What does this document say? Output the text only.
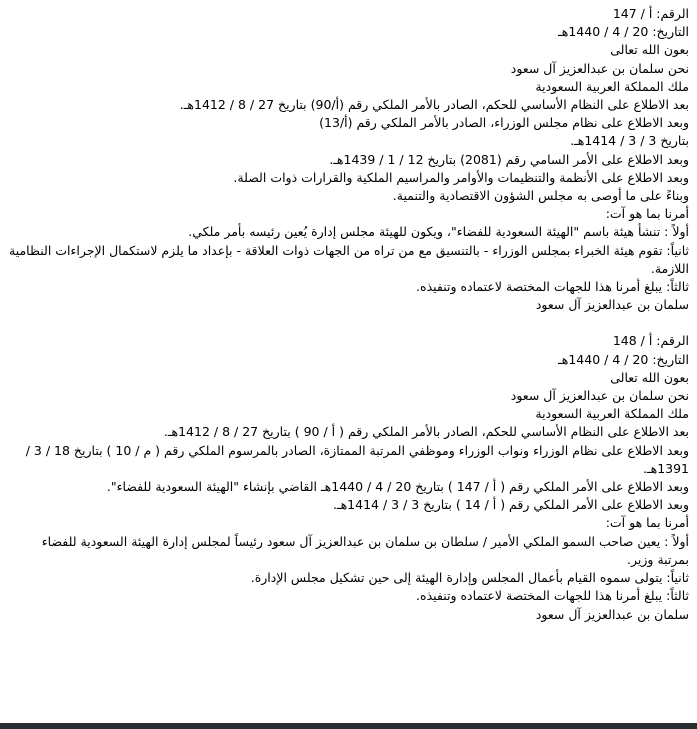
الرقم: أ / 147
التاريخ: 20 / 4 / 1440هـ
بعون الله تعالى
نحن سلمان بن عبدالعزيز آل سعود
ملك المملكة العربية السعودية
بعد الاطلاع على النظام الأساسي للحكم، الصادر بالأمر الملكي رقم (أ/90) بتاريخ 27 / 8 / 1412هـ.
وبعد الاطلاع على نظام مجلس الوزراء، الصادر بالأمر الملكي رقم (أ/13)
بتاريخ 3 / 3 / 1414هـ.
وبعد الاطلاع على الأمر السامي رقم (2081) بتاريخ 12 / 1 / 1439هـ.
وبعد الاطلاع على الأنظمة والتنظيمات والأوامر والمراسيم الملكية والقرارات ذوات الصلة.
وبناءً على ما أوصى به مجلس الشؤون الاقتصادية والتنمية.
أمرنا بما هو آت:
أولاً : تنشأ هيئة باسم "الهيئة السعودية للفضاء"، ويكون للهيئة مجلس إدارة يُعين رئيسه بأمر ملكي.
ثانياً: تقوم هيئة الخبراء بمجلس الوزراء - بالتنسيق مع من تراه من الجهات ذوات العلاقة - بإعداد ما يلزم لاستكمال الإجراءات النظامية اللازمة.
ثالثاً: يبلغ أمرنا هذا للجهات المختصة لاعتماده وتنفيذه.
سلمان بن عبدالعزيز آل سعود
الرقم: أ / 148
التاريخ: 20 / 4 / 1440هـ
بعون الله تعالى
نحن سلمان بن عبدالعزيز آل سعود
ملك المملكة العربية السعودية
بعد الاطلاع على النظام الأساسي للحكم، الصادر بالأمر الملكي رقم ( أ / 90 ) بتاريخ 27 / 8 / 1412هـ.
وبعد الاطلاع على نظام الوزراء ونواب الوزراء وموظفي المرتبة الممتازة، الصادر بالمرسوم الملكي رقم ( م / 10 ) بتاريخ 18 / 3 / 1391هـ.
وبعد الاطلاع على الأمر الملكي رقم ( أ / 147 ) بتاريخ 20 / 4 / 1440هـ القاضي بإنشاء "الهيئة السعودية للفضاء".
وبعد الاطلاع على الأمر الملكي رقم ( أ / 14 ) بتاريخ 3 / 3 / 1414هـ.
أمرنا بما هو آت:
أولاً : يعين صاحب السمو الملكي الأمير / سلطان بن سلمان بن عبدالعزيز آل سعود رئيساً لمجلس إدارة الهيئة السعودية للفضاء بمرتبة وزير.
ثانياً: يتولى سموه القيام بأعمال المجلس وإدارة الهيئة إلى حين تشكيل مجلس الإدارة.
ثالثاً: يبلغ أمرنا هذا للجهات المختصة لاعتماده وتنفيذه.
سلمان بن عبدالعزيز آل سعود
